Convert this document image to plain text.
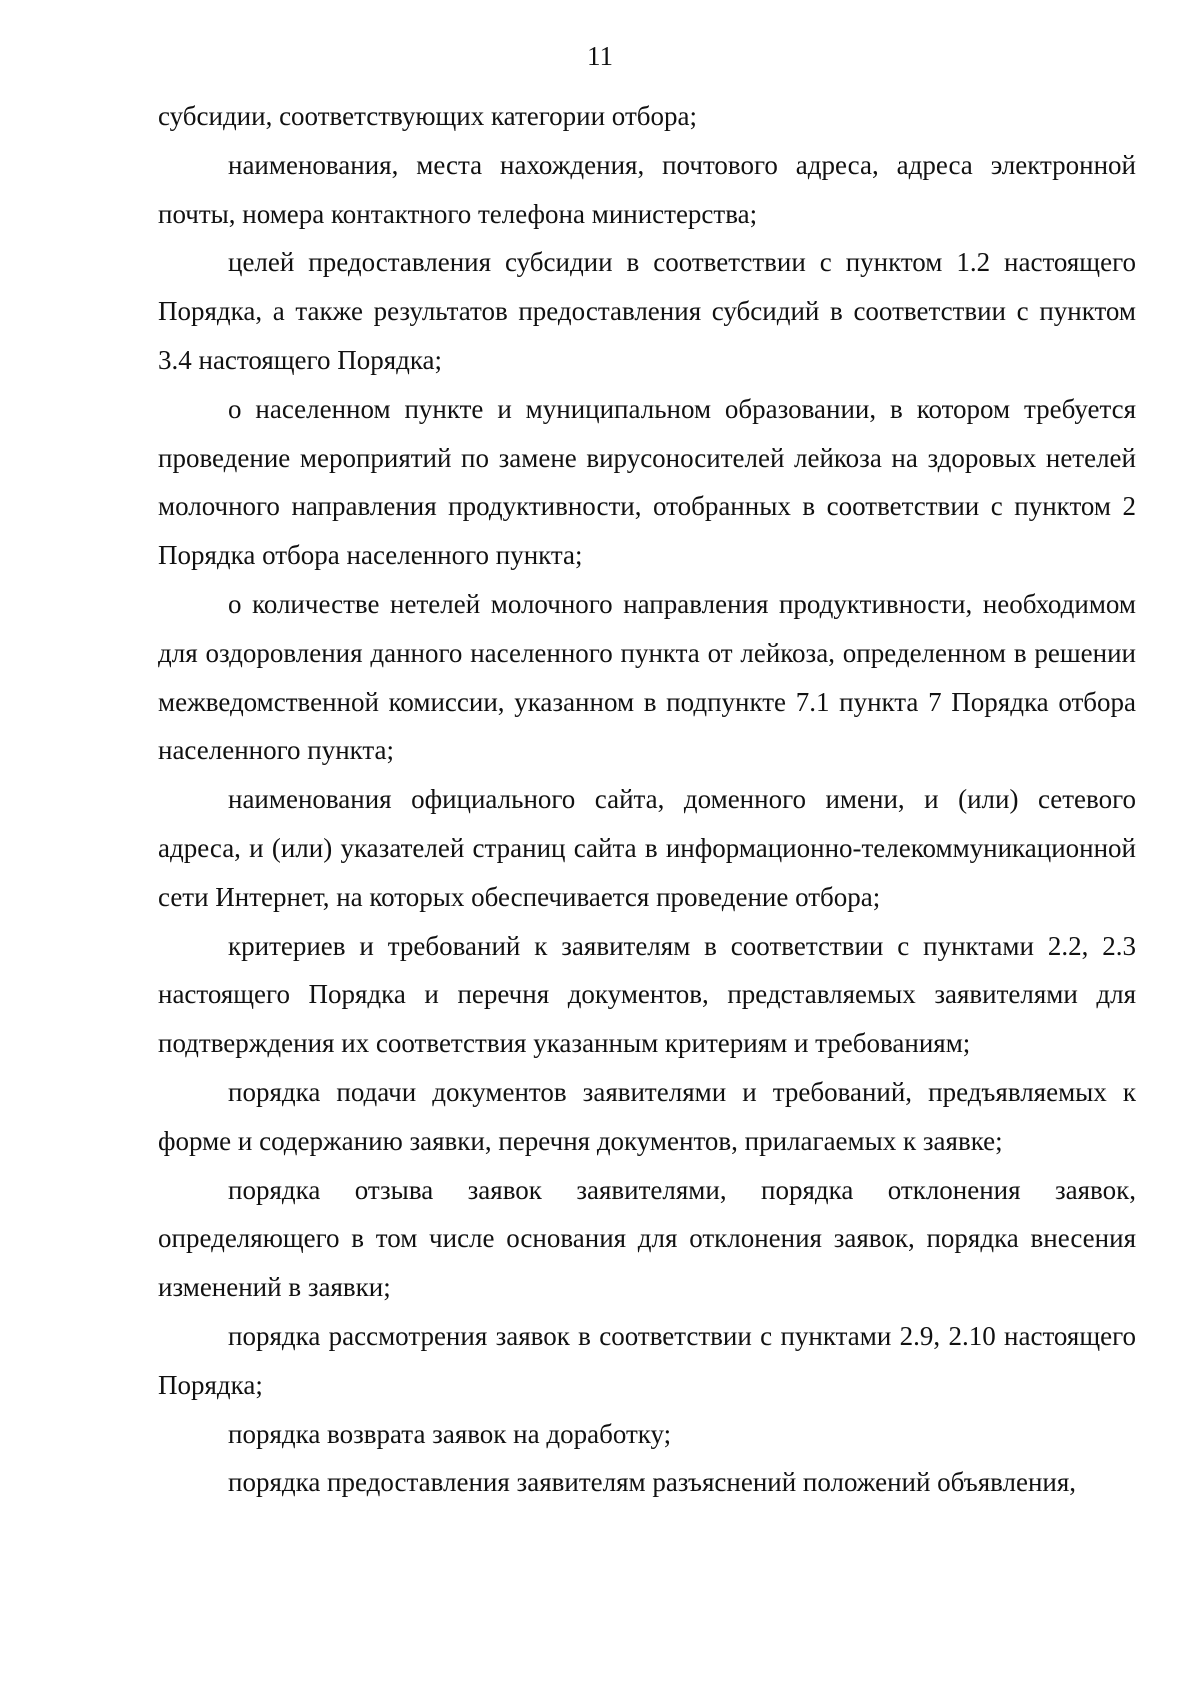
11

субсидии, соответствующих категории отбора;

наименования, места нахождения, почтового адреса, адреса электронной почты, номера контактного телефона министерства;

целей предоставления субсидии в соответствии с пунктом 1.2 настоящего Порядка, а также результатов предоставления субсидий в соответствии с пунктом 3.4 настоящего Порядка;

о населенном пункте и муниципальном образовании, в котором требуется проведение мероприятий по замене вирусоносителей лейкоза на здоровых нетелей молочного направления продуктивности, отобранных в соответствии с пунктом 2 Порядка отбора населенного пункта;

о количестве нетелей молочного направления продуктивности, необходимом для оздоровления данного населенного пункта от лейкоза, определенном в решении межведомственной комиссии, указанном в подпункте 7.1 пункта 7 Порядка отбора населенного пункта;

наименования официального сайта, доменного имени, и (или) сетевого адреса, и (или) указателей страниц сайта в информационно-телекоммуникационной сети Интернет, на которых обеспечивается проведение отбора;

критериев и требований к заявителям в соответствии с пунктами 2.2, 2.3 настоящего Порядка и перечня документов, представляемых заявителями для подтверждения их соответствия указанным критериям и требованиям;

порядка подачи документов заявителями и требований, предъявляемых к форме и содержанию заявки, перечня документов, прилагаемых к заявке;

порядка отзыва заявок заявителями, порядка отклонения заявок, определяющего в том числе основания для отклонения заявок, порядка внесения изменений в заявки;

порядка рассмотрения заявок в соответствии с пунктами 2.9, 2.10 настоящего Порядка;

порядка возврата заявок на доработку;

порядка предоставления заявителям разъяснений положений объявления,
